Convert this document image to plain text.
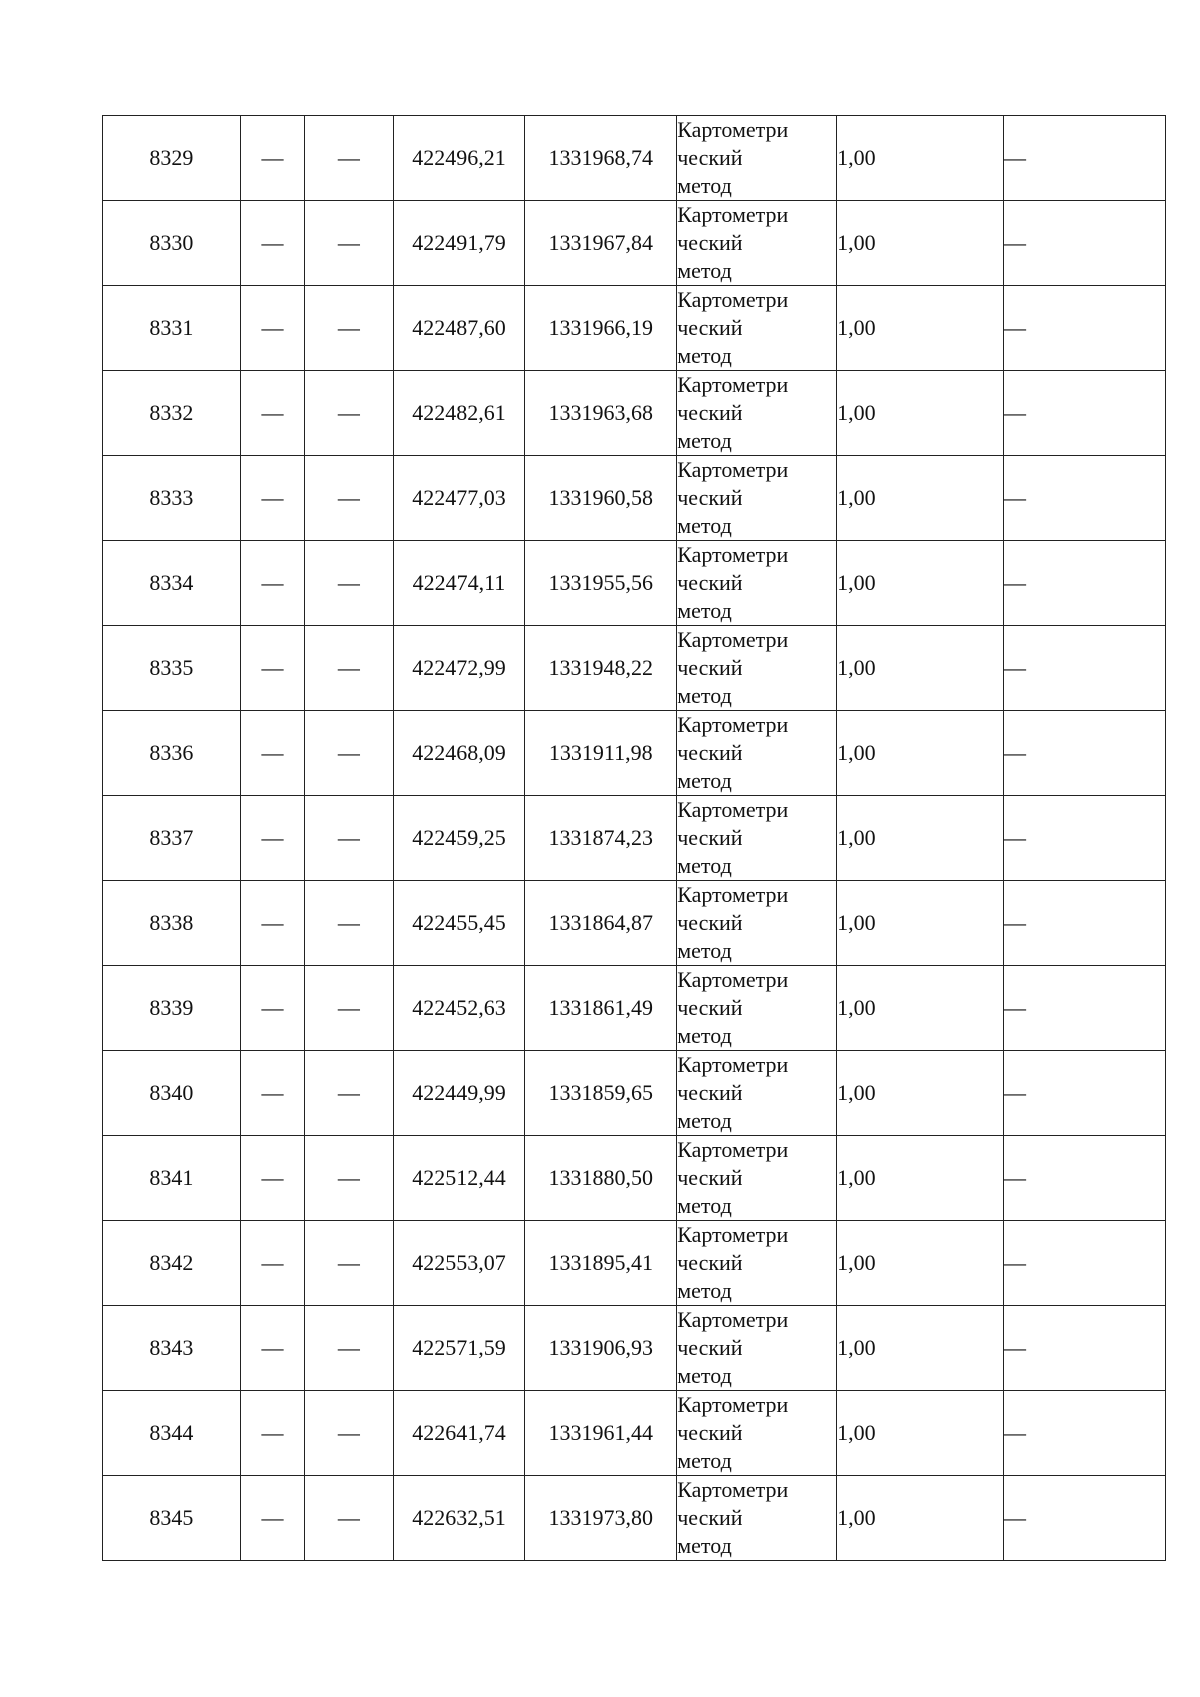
8329	—	—	422496,21	1331968,74	Картометри
ческий
метод	1,00	—
8330	—	—	422491,79	1331967,84	Картометри
ческий
метод	1,00	—
8331	—	—	422487,60	1331966,19	Картометри
ческий
метод	1,00	—
8332	—	—	422482,61	1331963,68	Картометри
ческий
метод	1,00	—
8333	—	—	422477,03	1331960,58	Картометри
ческий
метод	1,00	—
8334	—	—	422474,11	1331955,56	Картометри
ческий
метод	1,00	—
8335	—	—	422472,99	1331948,22	Картометри
ческий
метод	1,00	—
8336	—	—	422468,09	1331911,98	Картометри
ческий
метод	1,00	—
8337	—	—	422459,25	1331874,23	Картометри
ческий
метод	1,00	—
8338	—	—	422455,45	1331864,87	Картометри
ческий
метод	1,00	—
8339	—	—	422452,63	1331861,49	Картометри
ческий
метод	1,00	—
8340	—	—	422449,99	1331859,65	Картометри
ческий
метод	1,00	—
8341	—	—	422512,44	1331880,50	Картометри
ческий
метод	1,00	—
8342	—	—	422553,07	1331895,41	Картометри
ческий
метод	1,00	—
8343	—	—	422571,59	1331906,93	Картометри
ческий
метод	1,00	—
8344	—	—	422641,74	1331961,44	Картометри
ческий
метод	1,00	—
8345	—	—	422632,51	1331973,80	Картометри
ческий
метод	1,00	—
